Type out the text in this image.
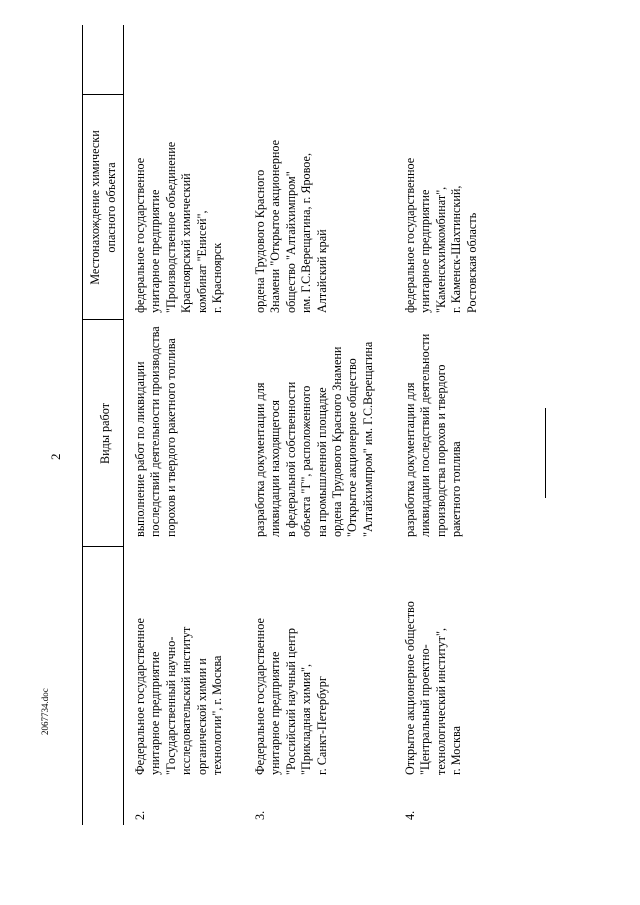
2	Виды работ
Местонахождение химически опасного объекта
2.
Федеральное государственное унитарное предприятие "Государственный научно- исследовательский институт органической химии и технологии", г. Москва
выполнение работ по ликвидации последствий деятельности производства порохов и твердого ракетного топлива
федеральное государственное унитарное предприятие "Производственное объединение Красноярский химический комбинат "Енисей", г. Красноярск
3.
Федеральное государственное унитарное предприятие "Российский научный центр "Прикладная химия", г. Санкт-Петербург
разработка документации для ликвидации находящегося в федеральной собственности объекта "Г", расположенного на промышленной площадке ордена Трудового Красного Знамени "Открытое акционерное общество "Алтайхимпром" им. Г.С.Верещагина
ордена Трудового Красного Знамени "Открытое акционерное общество "Алтайхимпром" им. Г.С.Верещагина, г. Яровое, Алтайский край
4.
Открытое акционерное общество "Центральный проектно- технологический институт", г. Москва
разработка документации для ликвидации последствий деятельности производства порохов и твердого ракетного топлива
федеральное государственное унитарное предприятие "Каменскхимкомбинат", г. Каменск-Шахтинский, Ростовская область
2067734.doc
